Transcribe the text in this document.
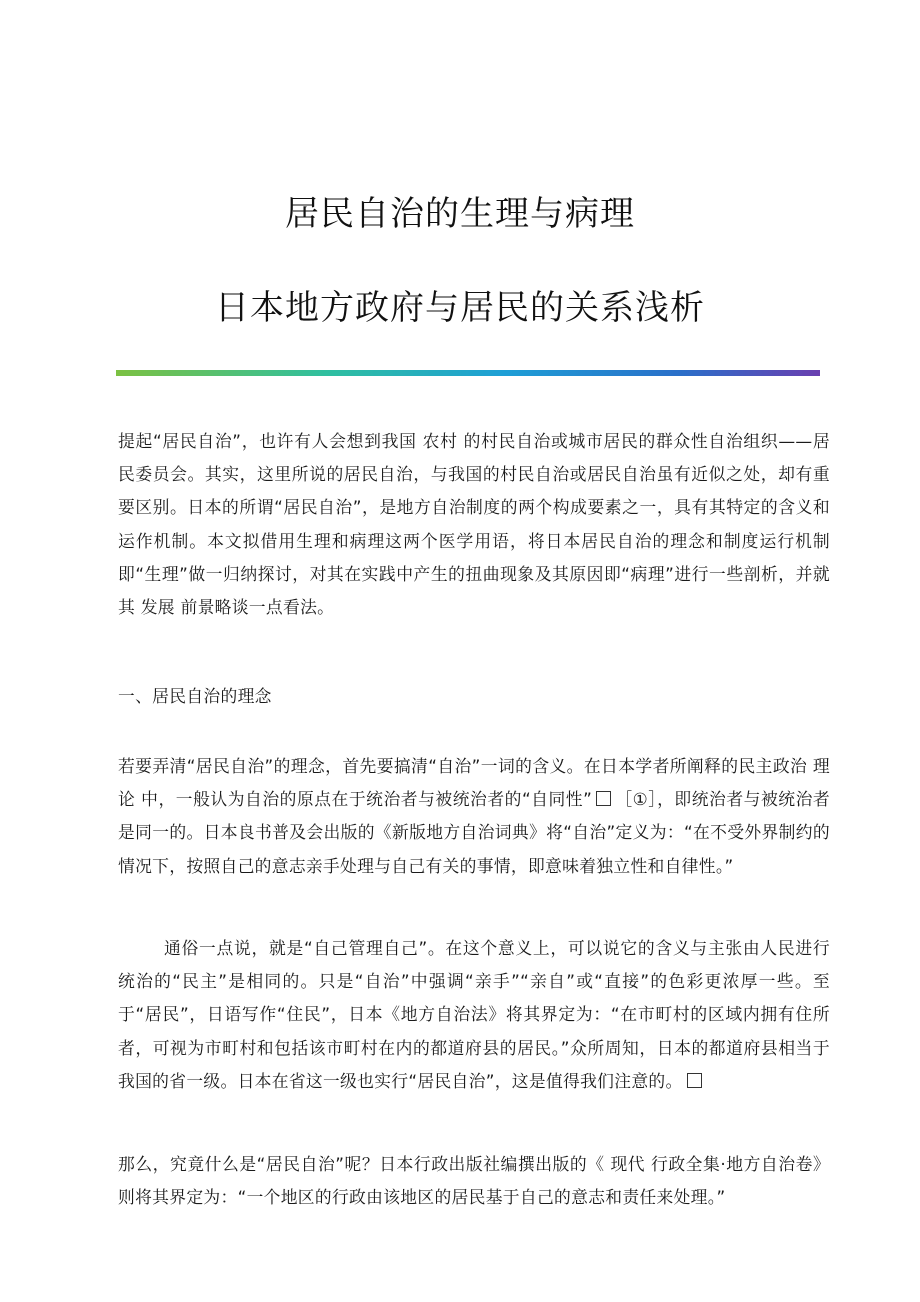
居民自治的生理与病理
日本地方政府与居民的关系浅析

提起“居民自治”，也许有人会想到我国 农村 的村民自治或城市居民的群众性自治组织——居民委员会。其实，这里所说的居民自治，与我国的村民自治或居民自治虽有近似之处，却有重要区别。日本的所谓“居民自治”，是地方自治制度的两个构成要素之一，具有其特定的含义和运作机制。本文拟借用生理和病理这两个医学用语，将日本居民自治的理念和制度运行机制即“生理”做一归纳探讨，对其在实践中产生的扭曲现象及其原因即“病理”进行一些剖析，并就其 发展 前景略谈一点看法。

一、居民自治的理念

若要弄清“居民自治”的理念，首先要搞清“自治”一词的含义。在日本学者所阐释的民主政治 理论 中，一般认为自治的原点在于统治者与被统治者的“自同性” ［①］，即统治者与被统治者是同一的。日本良书普及会出版的《新版地方自治词典》将“自治”定义为：“在不受外界制约的情况下，按照自己的意志亲手处理与自己有关的事情，即意味着独立性和自律性。”

通俗一点说，就是“自己管理自己”。在这个意义上，可以说它的含义与主张由人民进行统治的“民主”是相同的。只是“自治”中强调“亲手”“亲自”或“直接”的色彩更浓厚一些。至于“居民”，日语写作“住民”，日本《地方自治法》将其界定为：“在市町村的区域内拥有住所者，可视为市町村和包括该市町村在内的都道府县的居民。”众所周知，日本的都道府县相当于我国的省一级。日本在省这一级也实行“居民自治”，这是值得我们注意的。

那么，究竟什么是“居民自治”呢？日本行政出版社编撰出版的《 现代 行政全集·地方自治卷》则将其界定为：“一个地区的行政由该地区的居民基于自己的意志和责任来处理。”
